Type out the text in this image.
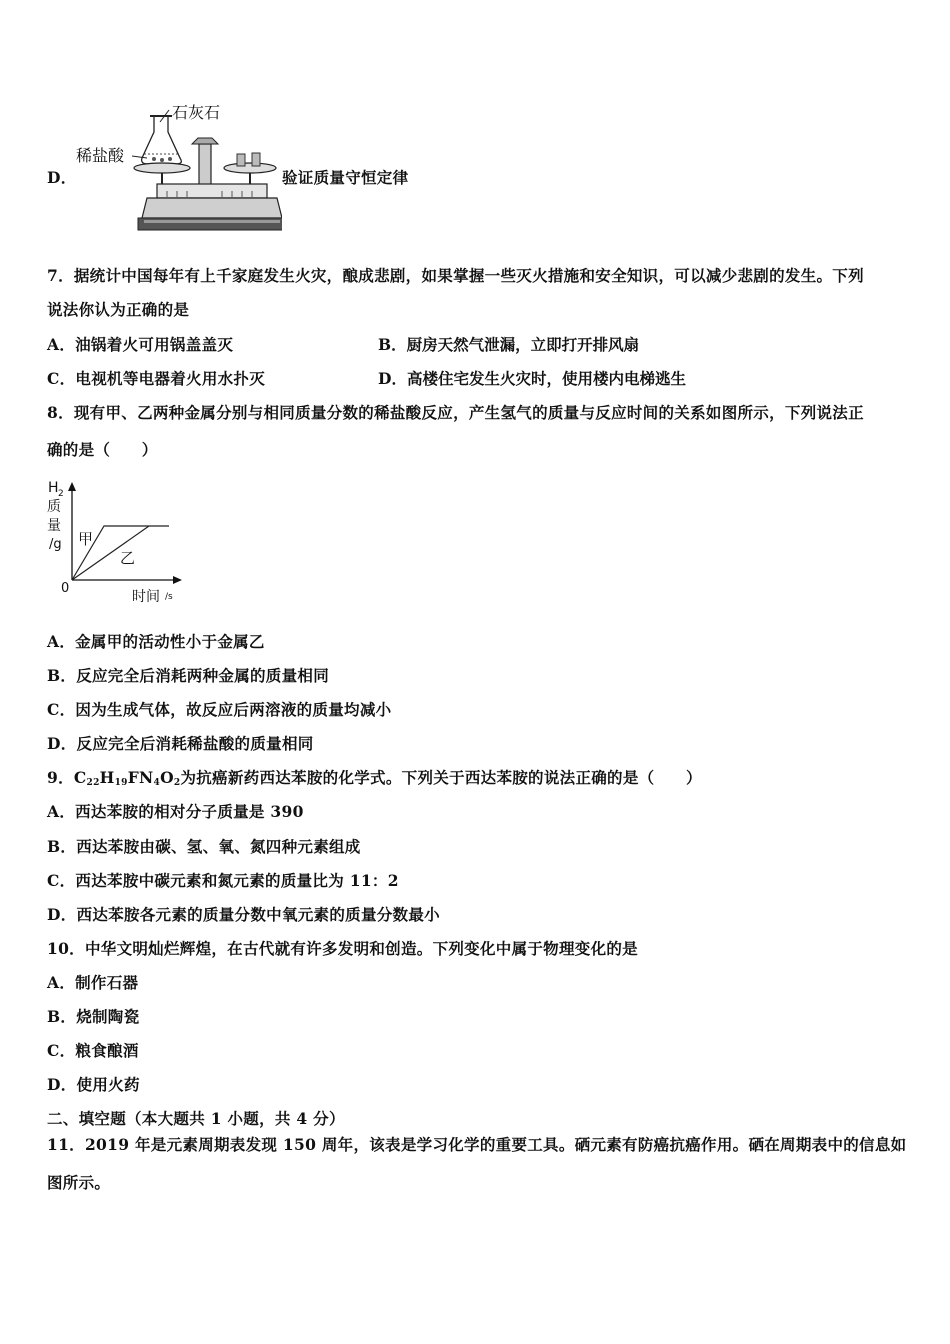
D．
石灰石
稀盐酸
验证质量守恒定律
7．据统计中国每年有上千家庭发生火灾，酿成悲剧，如果掌握一些灭火措施和安全知识，可以减少悲剧的发生。下列
说法你认为正确的是
A．油锅着火可用锅盖盖灭	B．厨房天然气泄漏，立即打开排风扇
C．电视机等电器着火用水扑灭	D．高楼住宅发生火灾时，使用楼内电梯逃生
8．现有甲、乙两种金属分别与相同质量分数的稀盐酸反应，产生氢气的质量与反应时间的关系如图所示，下列说法正
确的是（　　）
H 2
质
量
/g
0
时间 /s
甲
乙
A．金属甲的活动性小于金属乙
B．反应完全后消耗两种金属的质量相同
C．因为生成气体，故反应后两溶液的质量均减小
D．反应完全后消耗稀盐酸的质量相同
9．$C_{22}H_{19}FN_4O_2$为抗癌新药西达苯胺的化学式。下列关于西达苯胺的说法正确的是（　　）
A．西达苯胺的相对分子质量是 390
B．西达苯胺由碳、氢、氧、氮四种元素组成
C．西达苯胺中碳元素和氮元素的质量比为 11：2
D．西达苯胺各元素的质量分数中氧元素的质量分数最小
10．中华文明灿烂辉煌，在古代就有许多发明和创造。下列变化中属于物理变化的是
A．制作石器
B．烧制陶瓷
C．粮食酿酒
D．使用火药
二、填空题（本大题共 1 小题，共 4 分）
11．2019 年是元素周期表发现 150 周年，该表是学习化学的重要工具。硒元素有防癌抗癌作用。硒在周期表中的信息如
图所示。
